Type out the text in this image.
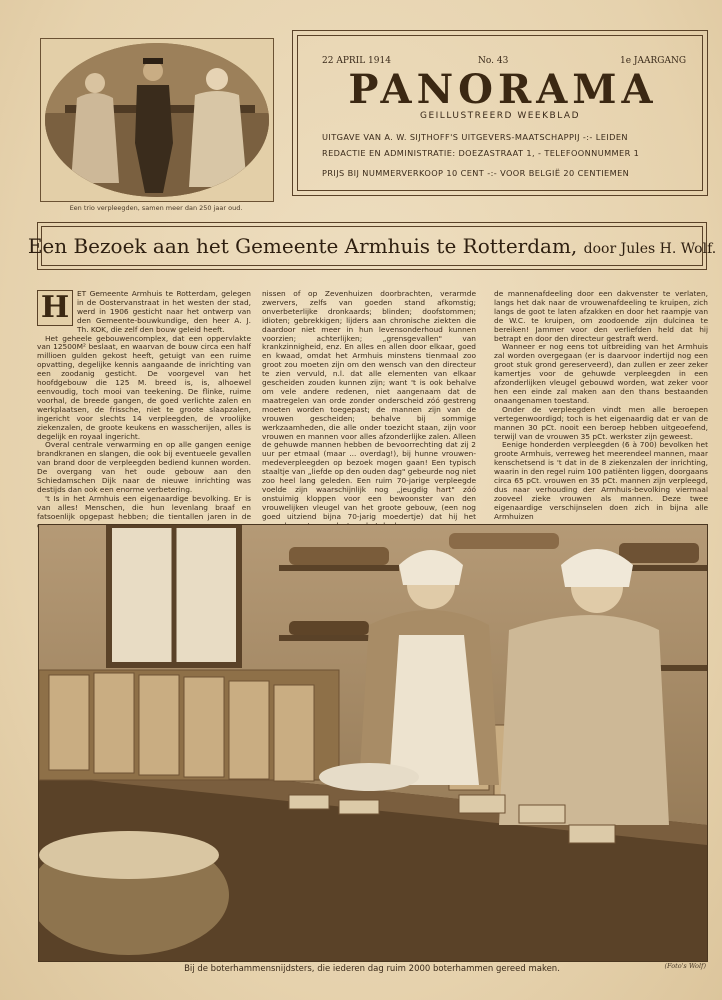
Een trio verpleegden, samen meer dan 250 jaar oud.
22 APRIL 1914	No. 43	1e JAARGANG
PANORAMA
GEILLUSTREERD WEEKBLAD
UITGAVE VAN A. W. SIJTHOFF'S UITGEVERS-MAATSCHAPPIJ -:- LEIDEN
REDACTIE EN ADMINISTRATIE: DOEZASTRAAT 1, - TELEFOONNUMMER 1
PRIJS BIJ NUMMERVERKOOP 10 CENT -:- VOOR BELGIË 20 CENTIEMEN
Een Bezoek aan het Gemeente Armhuis te Rotterdam, door Jules H. Wolf.
H	ET Gemeente Armhuis te Rotterdam, gelegen in de Oostervanstraat in het westen der stad, werd in 1906 gesticht naar het ontwerp van den Gemeente-bouwkundige, den heer A. J. Th. KOK, die zelf den bouw geleid heeft.

Het geheele gebouwencomplex, dat een oppervlakte van 12500M² beslaat, en waarvan de bouw circa een half millioen gulden gekost heeft, getuigt van een ruime opvatting, degelijke kennis aangaande de inrichting van een zoodanig gesticht. De voorgevel van het hoofdgebouw die 125 M. breed is, is, alhoewel eenvoudig, toch mooi van teekening. De flinke, ruime voorhal, de breede gangen, de goed verlichte zalen en werkplaatsen, de frissche, niet te groote slaapzalen, ingericht voor slechts 14 verpleegden, de vroolijke ziekenzalen, de groote keukens en wasscherijen, alles is degelijk en royaal ingericht.

Overal centrale verwarming en op alle gangen eenige brandkranen en slangen, die ook bij eventueele gevallen van brand door de verpleegden bediend kunnen worden. De overgang van het oude gebouw aan den Schiedamschen Dijk naar de nieuwe inrichting was destijds dan ook een enorme verbetering.

't Is in het Armhuis een eigenaardige bevolking. Er is van alles! Menschen, die hun levenlang braaf en fatsoenlijk opgepast hebben; die tientallen jaren in de

nissen of op Zevenhuizen doorbrachten, verarmde zwervers, zelfs van goeden stand afkomstig; onverbeterlijke dronkaards; blinden; doofstommen; idioten; gebrekkigen; lijders aan chronische ziekten die daardoor niet meer in hun levensonderhoud kunnen voorzien; achterlijken; „grensgevallen" van krankzinnigheid, enz. En alles en allen door elkaar, goed en kwaad, omdat het Armhuis minstens tienmaal zoo groot zou moeten zijn om den wensch van den directeur te zien vervuld, n.l. dat alle elementen van elkaar gescheiden zouden kunnen zijn; want 't is ook behalve om vele andere redenen, niet aangenaam dat de maatregelen van orde zonder onderscheid zóó gestreng moeten worden toegepast; de mannen zijn van de vrouwen gescheiden; behalve bij sommige werkzaamheden, die alle onder toezicht staan, zijn voor vrouwen en mannen voor alles afzonderlijke zalen. Alleen de gehuwde mannen hebben de bevoorrechting dat zij 2 uur per etmaal (maar ... overdag!), bij hunne vrouwen-medeverpleegden op bezoek mogen gaan! Een typisch staaltje van „liefde op den ouden dag" gebeurde nog niet zoo heel lang geleden. Een ruim 70-jarige verpleegde voelde zijn waarschijnlijk nog „jeugdig hart" zóó onstuimig kloppen voor een bewoonster van den vrouwelijken vleugel van het groote gebouw, (een nog goed uitziend bijna 70-jarig moedertje) dat hij het

de mannenafdeeling door een dakvenster te verlaten, langs het dak naar de vrouwenafdeeling te kruipen, zich langs de goot te laten afzakken en door het raampje van de W.C. te kruipen, om zoodoende zijn dulcinea te bereiken! Jammer voor den verliefden held dat hij betrapt en door den directeur gestraft werd.

Wanneer er nog eens tot uitbreiding van het Armhuis zal worden overgegaan (er is daarvoor indertijd nog een groot stuk grond gereserveerd), dan zullen er zeer zeker kamertjes voor de gehuwde verpleegden in een afzonderlijken vleugel gebouwd worden, wat zeker voor hen een einde zal maken aan den thans bestaanden onaangenamen toestand.

Onder de verpleegden vindt men alle beroepen vertegenwoordigd; toch is het eigenaardig dat er van de mannen 30 pCt. nooit een beroep hebben uitgeoefend, terwijl van de vrouwen 35 pCt. werkster zijn geweest.

Eenige honderden verpleegden (6 à 700) bevolken het groote Armhuis, verreweg het meerendeel mannen, maar kenschetsend is 't dat in de 8 ziekenzalen der inrichting, waarin in den regel ruim 100 patiënten liggen, doorgaans circa 65 pCt. vrouwen en 35 pCt. mannen zijn verpleegd, dus naar verhouding der Armhuis-bevolking viermaal zooveel zieke vrouwen als mannen. Deze twee eigenaardige verschijnselen doen zich in bijna alle Armhuizen

Bij de boterhammensnijdsters, die iederen dag ruim 2000 boterhammen gereed maken.	(Foto's Wolf)
